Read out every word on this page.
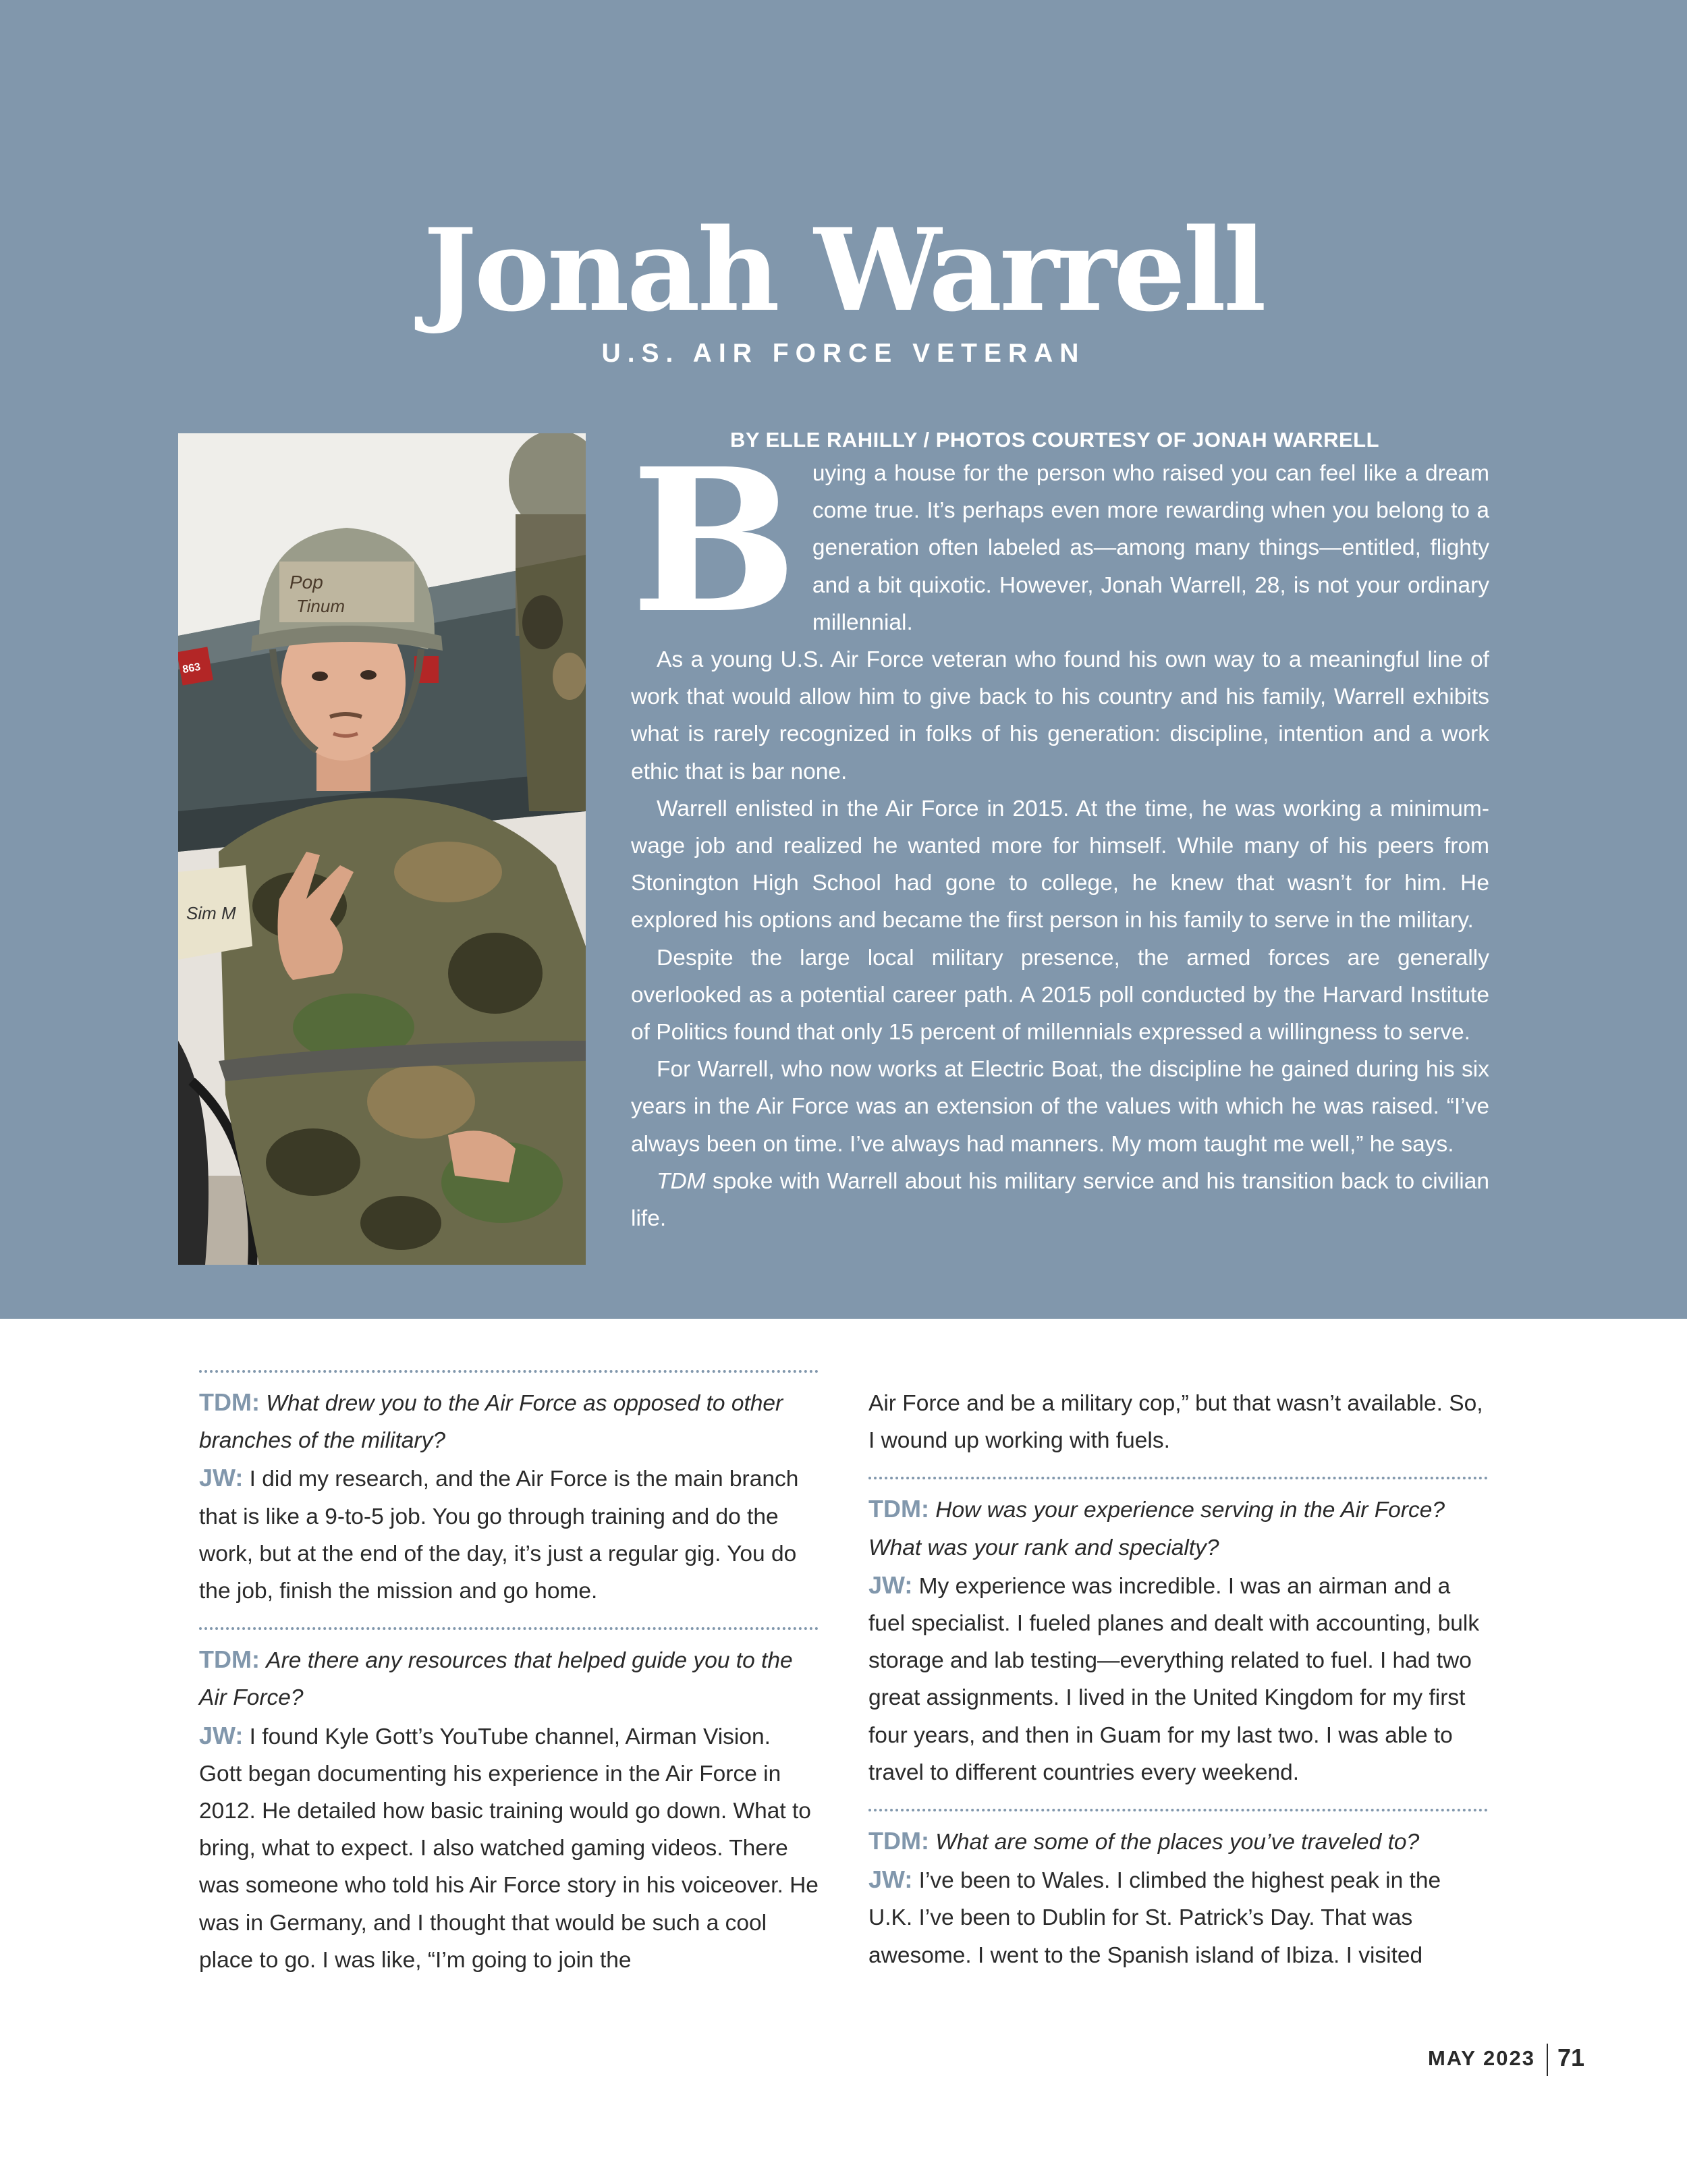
Jonah Warrell
U.S. AIR FORCE VETERAN
863
Sim M
Pop
Tinum
BY ELLE RAHILLY / PHOTOS COURTESY OF JONAH WARRELL
B uying a house for the person who raised you can feel like a dream come true. It’s perhaps even more rewarding when you belong to a generation often labeled as—among many things—entitled, flighty and a bit quixotic. However, Jonah Warrell, 28, is not your ordinary millennial.

As a young U.S. Air Force veteran who found his own way to a meaningful line of work that would allow him to give back to his country and his family, Warrell exhibits what is rarely recognized in folks of his generation: discipline, intention and a work ethic that is bar none.

Warrell enlisted in the Air Force in 2015. At the time, he was working a minimum-wage job and realized he wanted more for himself. While many of his peers from Stonington High School had gone to college, he knew that wasn’t for him. He explored his options and became the first person in his family to serve in the military.

Despite the large local military presence, the armed forces are generally overlooked as a potential career path. A 2015 poll conducted by the Harvard Institute of Politics found that only 15 percent of millennials expressed a willingness to serve.

For Warrell, who now works at Electric Boat, the discipline he gained during his six years in the Air Force was an extension of the values with which he was raised. “I’ve always been on time. I’ve always had manners. My mom taught me well,” he says.

TDM spoke with Warrell about his military service and his transition back to civilian life.

TDM: What drew you to the Air Force as opposed to other branches of the military?
JW: I did my research, and the Air Force is the main branch that is like a 9-to-5 job. You go through training and do the work, but at the end of the day, it’s just a regular gig. You do the job, finish the mission and go home.
TDM: Are there any resources that helped guide you to the Air Force?
JW: I found Kyle Gott’s YouTube channel, Airman Vision. Gott began documenting his experience in the Air Force in 2012. He detailed how basic training would go down. What to bring, what to expect. I also watched gaming videos. There was someone who told his Air Force story in his voiceover. He was in Germany, and I thought that would be such a cool place to go. I was like, “I’m going to join the
Air Force and be a military cop,” but that wasn’t available. So, I wound up working with fuels.
TDM: How was your experience serving in the Air Force? What was your rank and specialty?
JW: My experience was incredible. I was an airman and a fuel specialist. I fueled planes and dealt with accounting, bulk storage and lab testing—everything related to fuel. I had two great assignments. I lived in the United Kingdom for my first four years, and then in Guam for my last two. I was able to travel to different countries every weekend.
TDM: What are some of the places you’ve traveled to?
JW: I’ve been to Wales. I climbed the highest peak in the U.K. I’ve been to Dublin for St. Patrick’s Day. That was awesome. I went to the Spanish island of Ibiza. I visited
MAY 2023 71
